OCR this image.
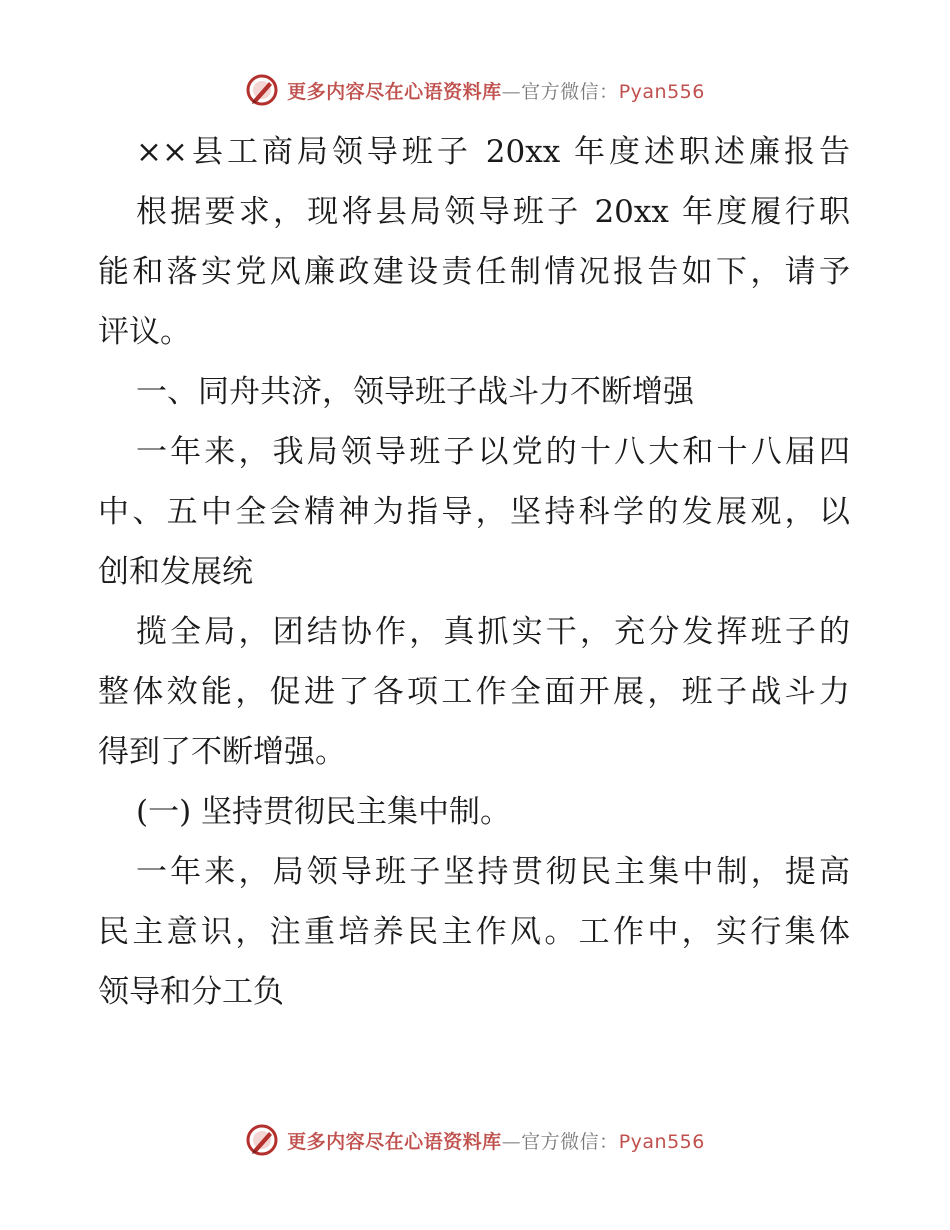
更多内容尽在心语资料库—官方微信：Pyan556
××县工商局领导班子 20xx 年度述职述廉报告
根据要求，现将县局领导班子 20xx 年度履行职
能和落实党风廉政建设责任制情况报告如下，请予
评议。
一、同舟共济，领导班子战斗力不断增强
一年来，我局领导班子以党的十八大和十八届四
中、五中全会精神为指导，坚持科学的发展观，以
创和发展统
揽全局，团结协作，真抓实干，充分发挥班子的
整体效能，促进了各项工作全面开展，班子战斗力
得到了不断增强。
(一) 坚持贯彻民主集中制。
一年来，局领导班子坚持贯彻民主集中制，提高
民主意识，注重培养民主作风。工作中，实行集体
领导和分工负
更多内容尽在心语资料库—官方微信：Pyan556
